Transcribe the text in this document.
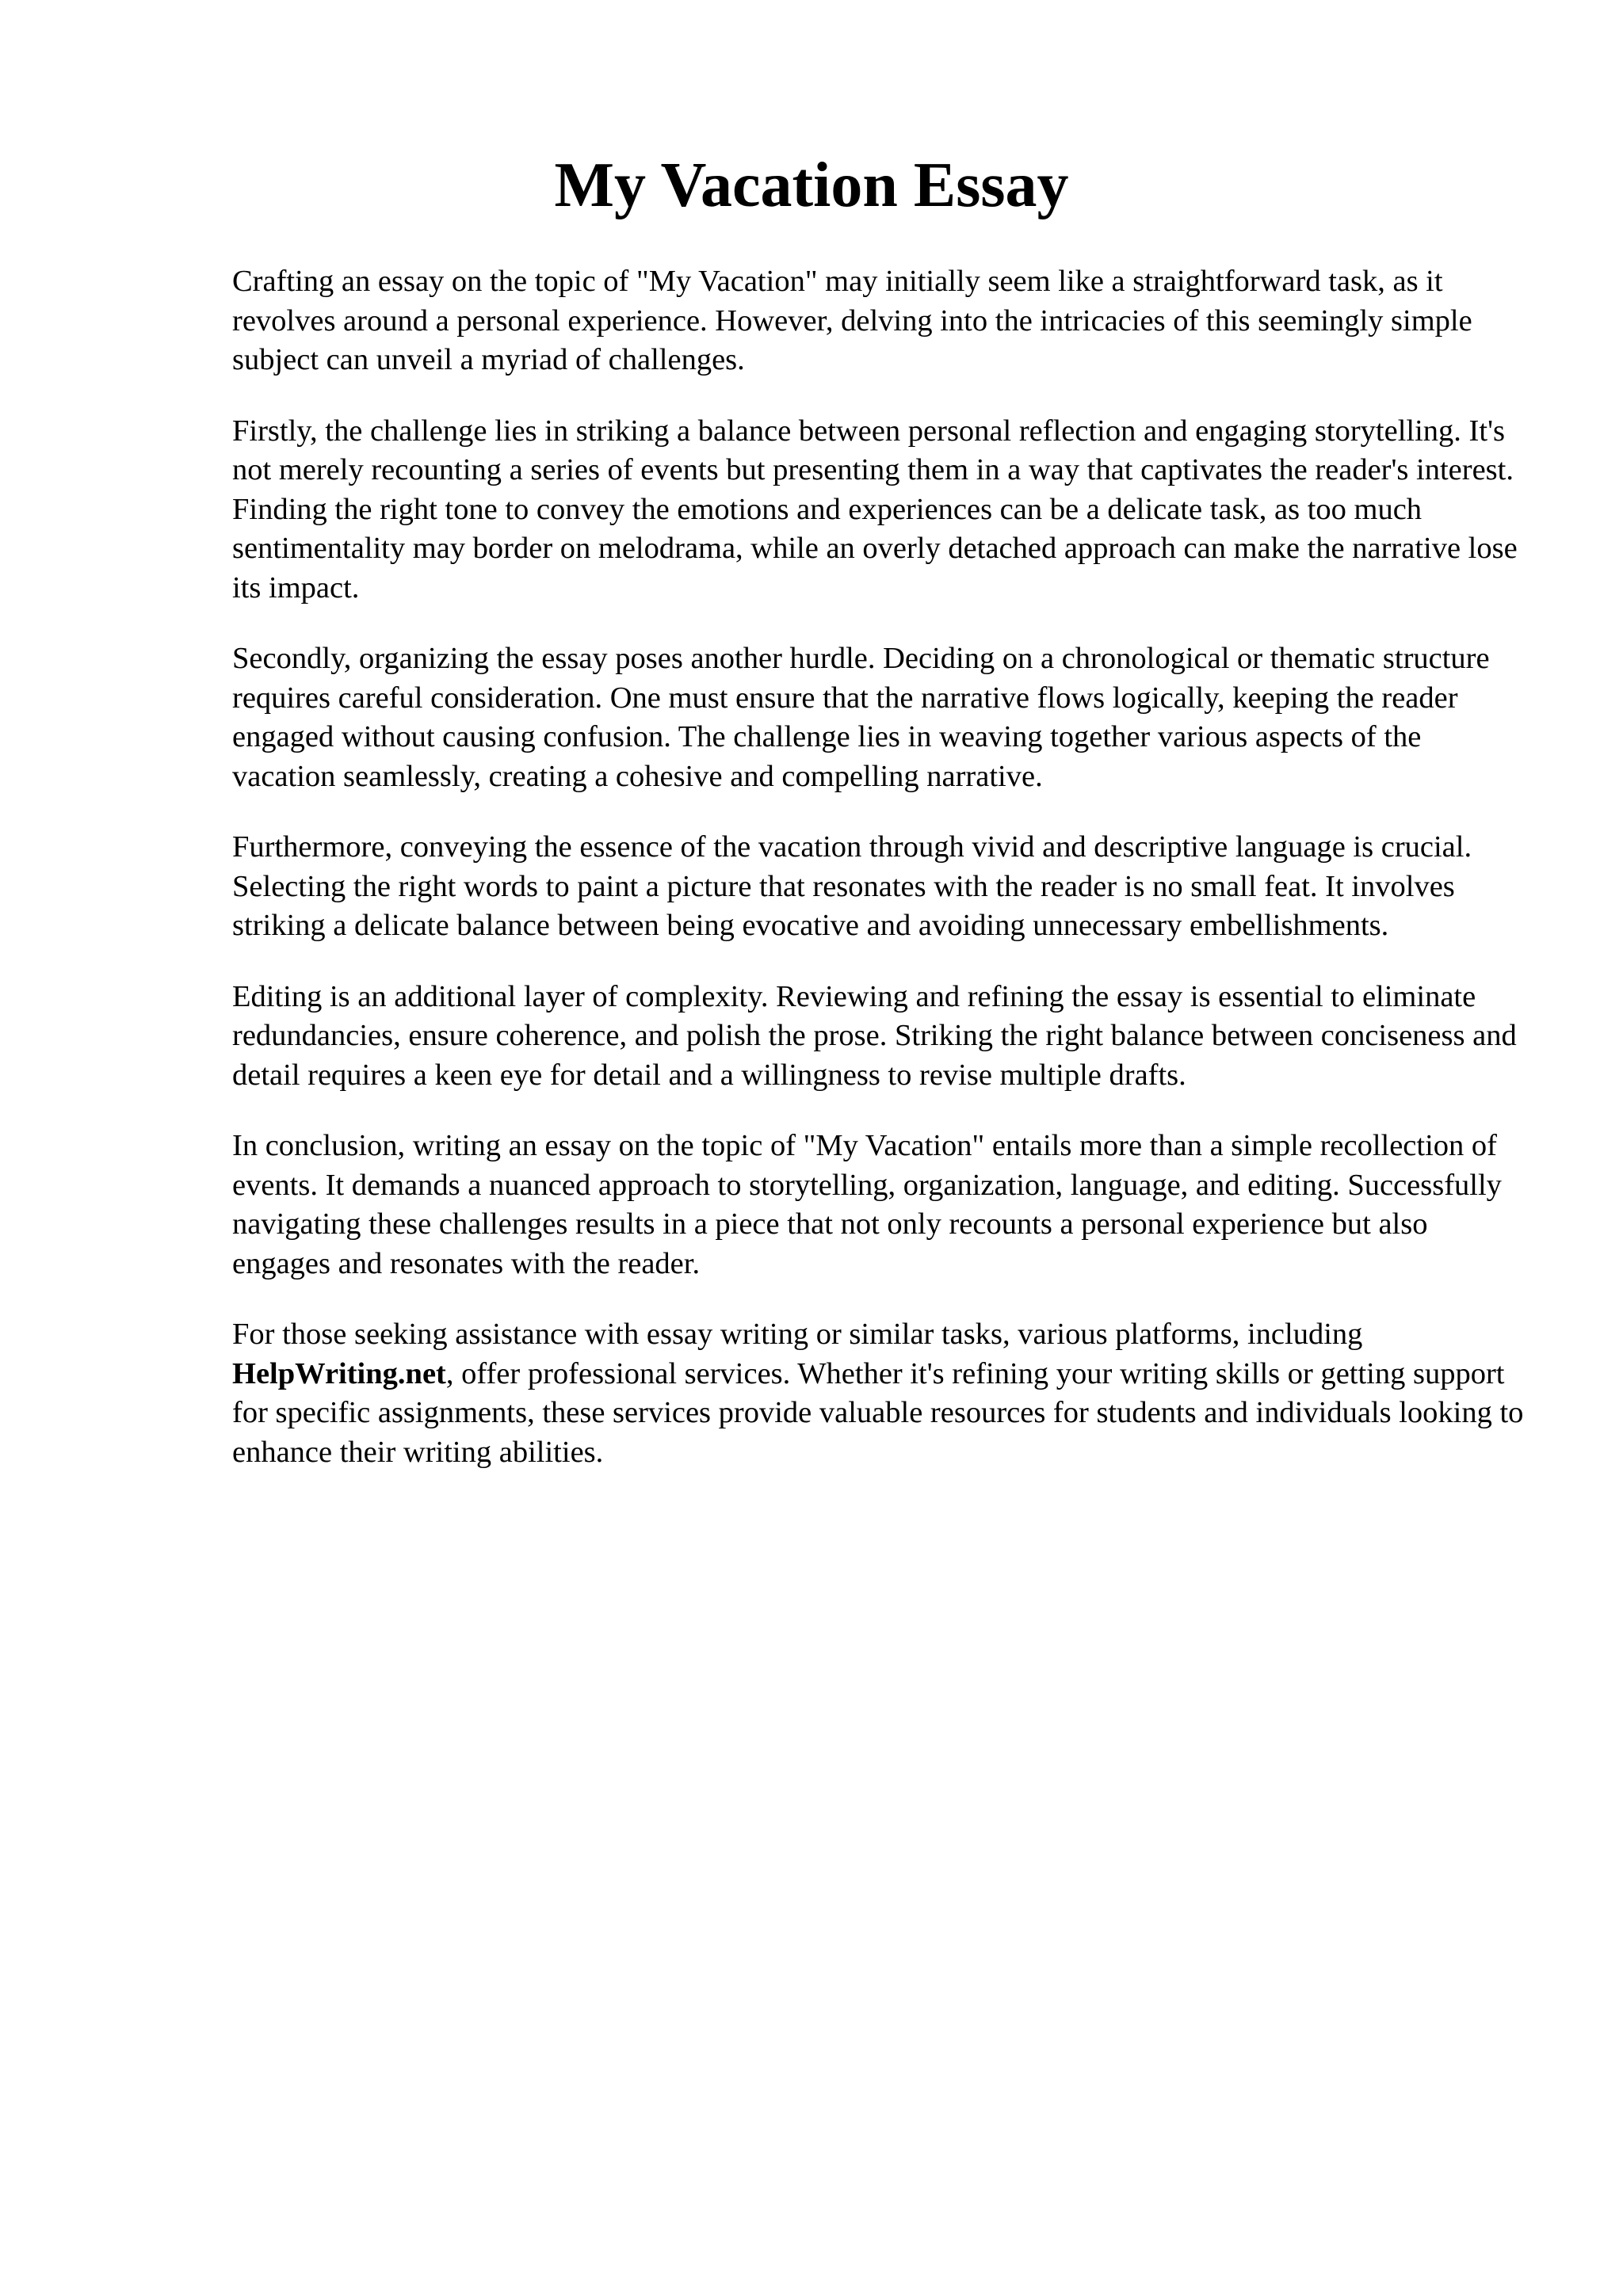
My Vacation Essay

Crafting an essay on the topic of "My Vacation" may initially seem like a straightforward task, as it revolves around a personal experience. However, delving into the intricacies of this seemingly simple subject can unveil a myriad of challenges.

Firstly, the challenge lies in striking a balance between personal reflection and engaging storytelling. It's not merely recounting a series of events but presenting them in a way that captivates the reader's interest. Finding the right tone to convey the emotions and experiences can be a delicate task, as too much sentimentality may border on melodrama, while an overly detached approach can make the narrative lose its impact.

Secondly, organizing the essay poses another hurdle. Deciding on a chronological or thematic structure requires careful consideration. One must ensure that the narrative flows logically, keeping the reader engaged without causing confusion. The challenge lies in weaving together various aspects of the vacation seamlessly, creating a cohesive and compelling narrative.

Furthermore, conveying the essence of the vacation through vivid and descriptive language is crucial. Selecting the right words to paint a picture that resonates with the reader is no small feat. It involves striking a delicate balance between being evocative and avoiding unnecessary embellishments.

Editing is an additional layer of complexity. Reviewing and refining the essay is essential to eliminate redundancies, ensure coherence, and polish the prose. Striking the right balance between conciseness and detail requires a keen eye for detail and a willingness to revise multiple drafts.

In conclusion, writing an essay on the topic of "My Vacation" entails more than a simple recollection of events. It demands a nuanced approach to storytelling, organization, language, and editing. Successfully navigating these challenges results in a piece that not only recounts a personal experience but also engages and resonates with the reader.

For those seeking assistance with essay writing or similar tasks, various platforms, including HelpWriting.net, offer professional services. Whether it's refining your writing skills or getting support for specific assignments, these services provide valuable resources for students and individuals looking to enhance their writing abilities.
